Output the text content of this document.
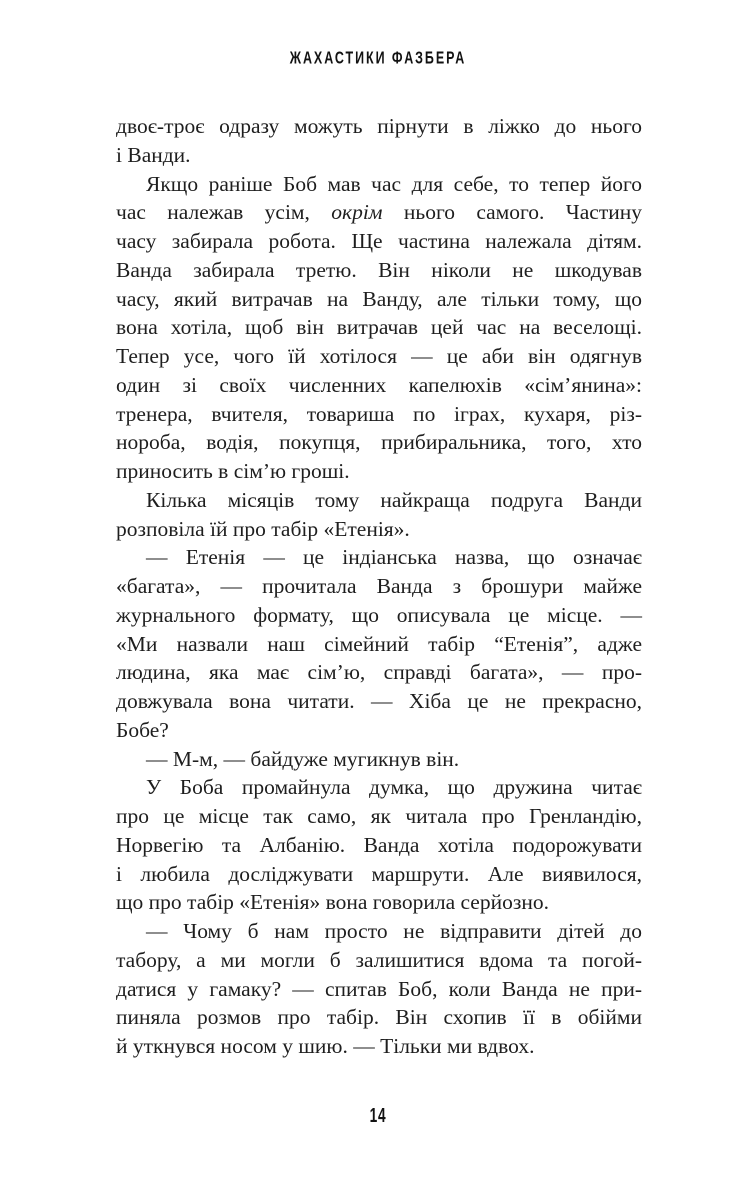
ЖАХАСТИКИ ФАЗБЕРА
двоє-троє одразу можуть пірнути в ліжко до нього
і Ванди.
Якщо раніше Боб мав час для себе, то тепер його
час належав усім, окрім нього самого. Частину
часу забирала робота. Ще частина належала дітям.
Ванда забирала третю. Він ніколи не шкодував
часу, який витрачав на Ванду, але тільки тому, що
вона хотіла, щоб він витрачав цей час на веселощі.
Тепер усе, чого їй хотілося — це аби він одягнув
один зі своїх численних капелюхів «сім’янина»:
тренера, вчителя, товариша по іграх, кухаря, різ-
нороба, водія, покупця, прибиральника, того, хто
приносить в сім’ю гроші.
Кілька місяців тому найкраща подруга Ванди
розповіла їй про табір «Етенія».
— Етенія — це індіанська назва, що означає
«багата», — прочитала Ванда з брошури майже
журнального формату, що описувала це місце. —
«Ми назвали наш сімейний табір “Етенія”, адже
людина, яка має сім’ю, справді багата», — про-
довжувала вона читати. — Хіба це не прекрасно,
Бобе?
— М-м, — байдуже мугикнув він.
У Боба промайнула думка, що дружина читає
про це місце так само, як читала про Гренландію,
Норвегію та Албанію. Ванда хотіла подорожувати
і любила досліджувати маршрути. Але виявилося,
що про табір «Етенія» вона говорила серйозно.
— Чому б нам просто не відправити дітей до
табору, а ми могли б залишитися вдома та погой-
датися у гамаку? — спитав Боб, коли Ванда не при-
пиняла розмов про табір. Він схопив її в обійми
й уткнувся носом у шию. — Тільки ми вдвох.
14
